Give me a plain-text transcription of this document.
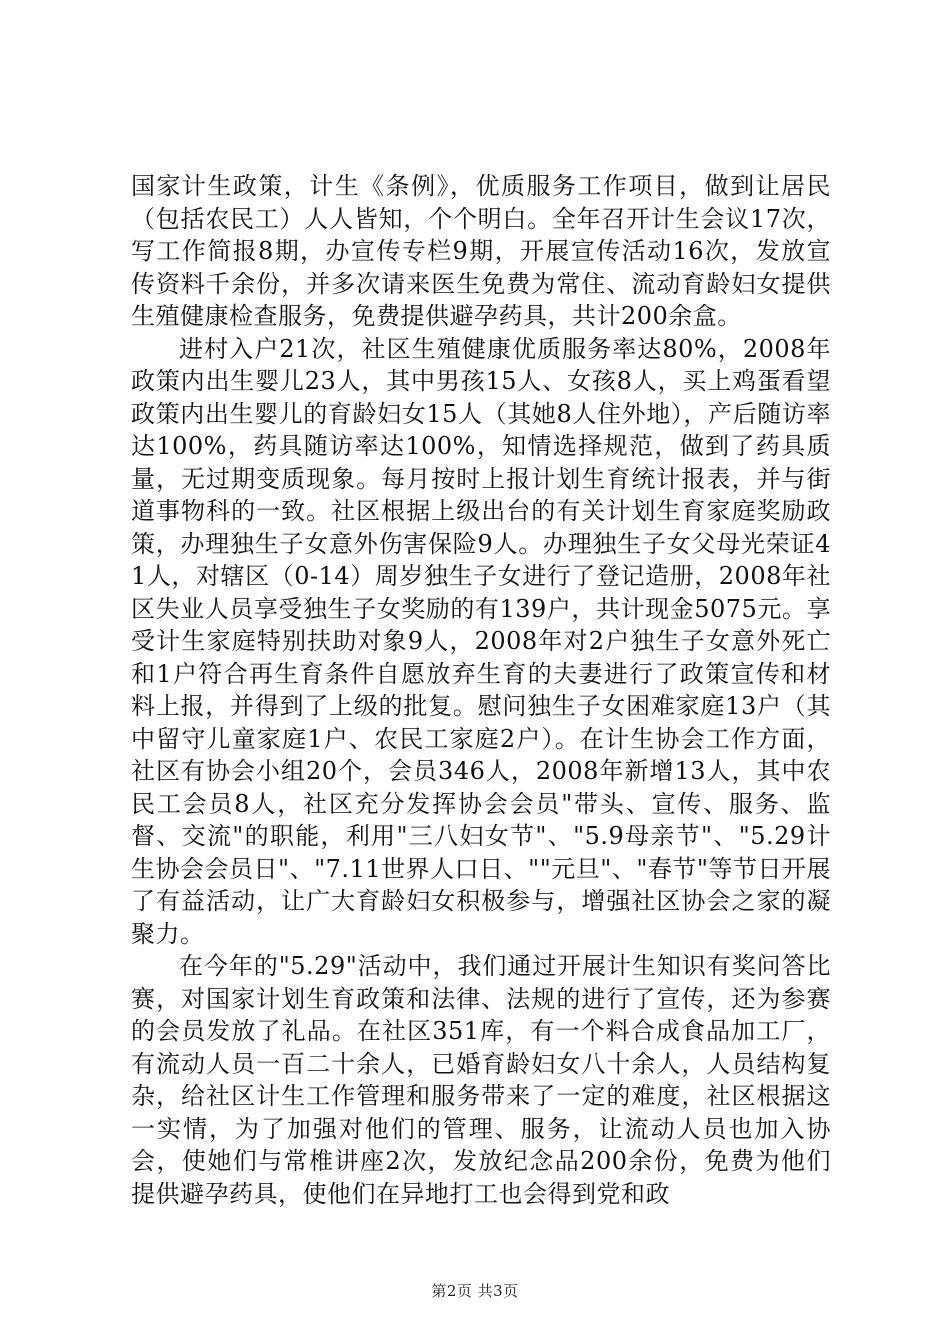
国家计生政策，计生《条例》，优质服务工作项目，做到让居民（包括农民工）人人皆知，个个明白。全年召开计生会议17次，写工作简报8期，办宣传专栏9期，开展宣传活动16次，发放宣传资料千余份，并多次请来医生免费为常住、流动育龄妇女提供生殖健康检查服务，免费提供避孕药具，共计200余盒。

进村入户21次，社区生殖健康优质服务率达80%，2008年政策内出生婴儿23人，其中男孩15人、女孩8人，买上鸡蛋看望政策内出生婴儿的育龄妇女15人（其她8人住外地），产后随访率达100%，药具随访率达100%，知情选择规范，做到了药具质量，无过期变质现象。每月按时上报计划生育统计报表，并与街道事物科的一致。社区根据上级出台的有关计划生育家庭奖励政策，办理独生子女意外伤害保险9人。办理独生子女父母光荣证41人，对辖区（0-14）周岁独生子女进行了登记造册，2008年社区失业人员享受独生子女奖励的有139户，共计现金5075元。享受计生家庭特别扶助对象9人，2008年对2户独生子女意外死亡和1户符合再生育条件自愿放弃生育的夫妻进行了政策宣传和材料上报，并得到了上级的批复。慰问独生子女困难家庭13户（其中留守儿童家庭1户、农民工家庭2户）。在计生协会工作方面，社区有协会小组20个，会员346人，2008年新增13人，其中农民工会员8人，社区充分发挥协会会员"带头、宣传、服务、监督、交流"的职能，利用"三八妇女节"、"5.9母亲节"、"5.29计生协会会员日"、"7.11世界人口日、""元旦"、"春节"等节日开展了有益活动，让广大育龄妇女积极参与，增强社区协会之家的凝聚力。

在今年的"5.29"活动中，我们通过开展计生知识有奖问答比赛，对国家计划生育政策和法律、法规的进行了宣传，还为参赛的会员发放了礼品。在社区351库，有一个料合成食品加工厂，有流动人员一百二十余人，已婚育龄妇女八十余人，人员结构复杂，给社区计生工作管理和服务带来了一定的难度，社区根据这一实情，为了加强对他们的管理、服务，让流动人员也加入协会，使她们与常椎讲座2次，发放纪念品200余份，免费为他们提供避孕药具，使他们在异地打工也会得到党和政

第2页 共3页
